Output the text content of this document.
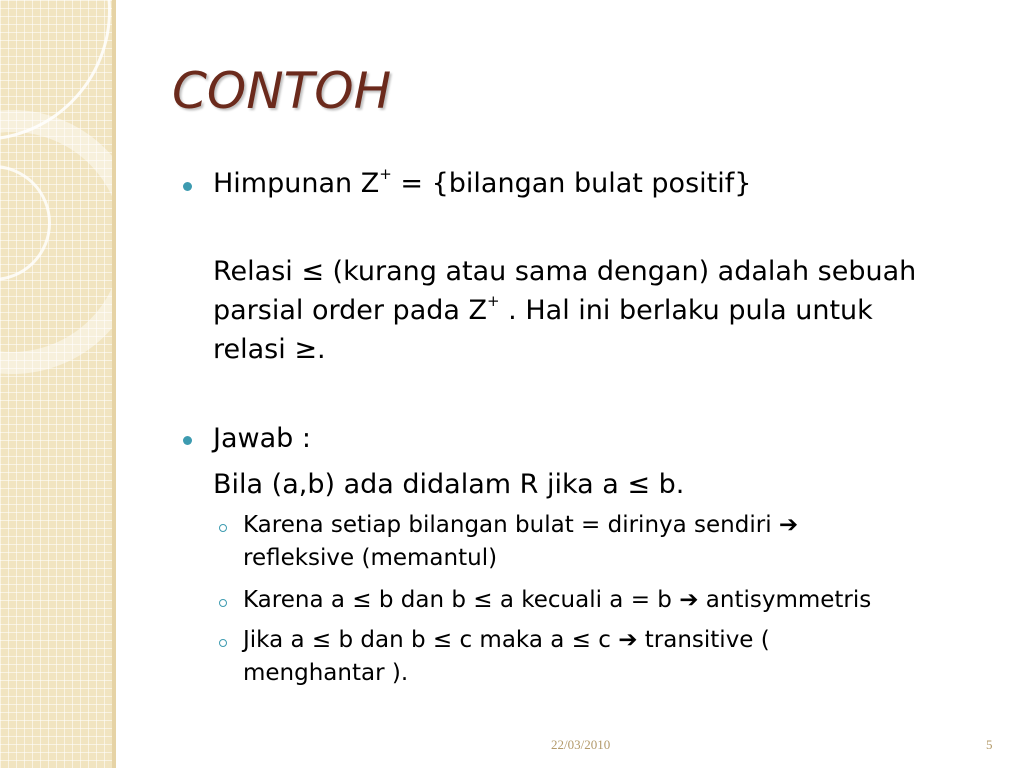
CONTOH

Himpunan Z+ = {bilangan bulat positif}

Relasi ≤ (kurang atau sama dengan) adalah sebuah

parsial order pada Z+ . Hal ini berlaku pula untuk

relasi ≥.

Jawab :

Bila (a,b) ada didalam R jika a ≤ b.

Karena setiap bilangan bulat = dirinya sendiri ➔

refleksive (memantul)

Karena a ≤ b dan b ≤ a kecuali a = b ➔ antisymmetris

Jika a ≤ b dan b ≤ c maka a ≤ c ➔ transitive (

menghantar ).

22/03/2010	5
